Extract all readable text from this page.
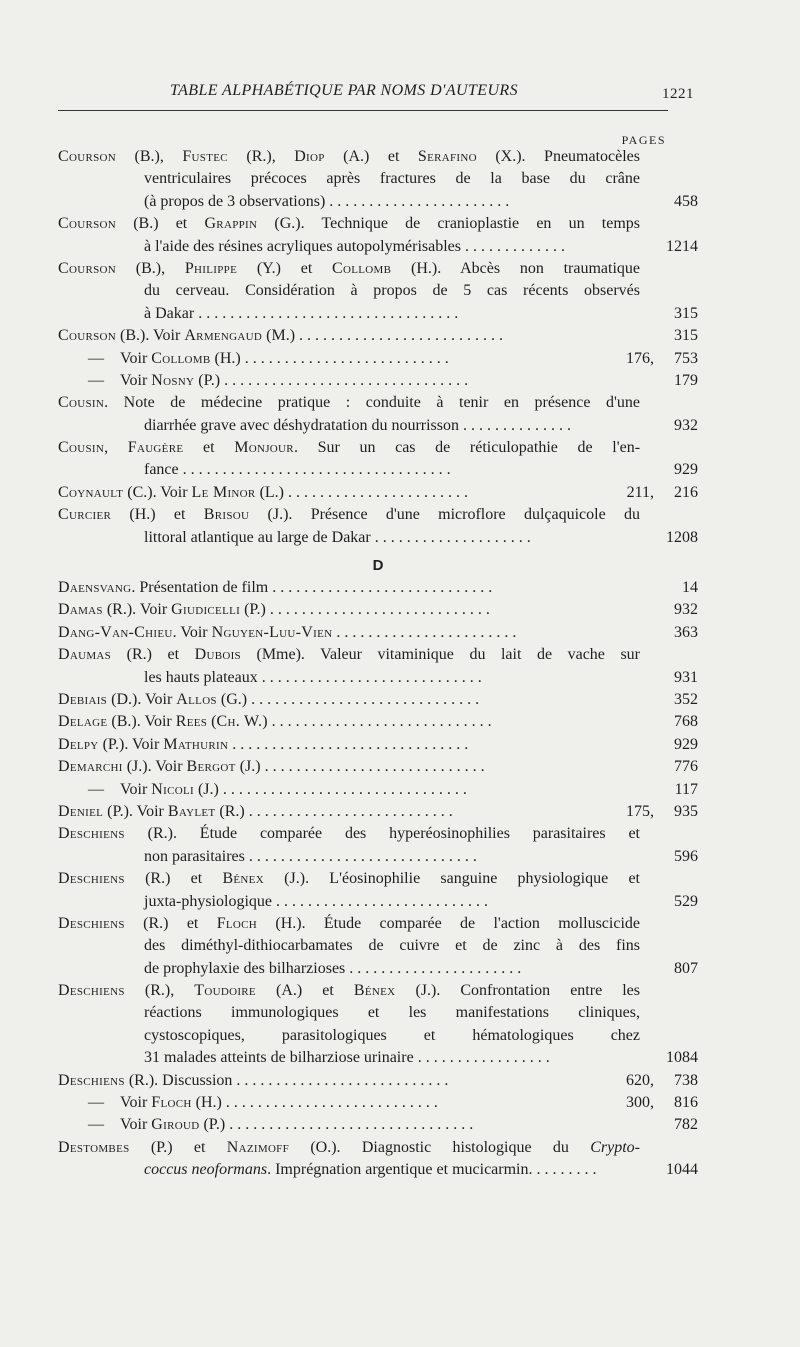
TABLE ALPHABÉTIQUE PAR NOMS D'AUTEURS	1221
PAGES
Courson (B.), Fustec (R.), Diop (A.) et Serafino (X.). Pneumatocèles
ventriculaires précoces après fractures de la base du crâne
(à propos de 3 observations) . . . . . . . . . . . . . . . . . . . . . . .	458
Courson (B.) et Grappin (G.). Technique de cranioplastie en un temps
à l'aide des résines acryliques autopolymérisables . . . . . . . . . . . . .	1214
Courson (B.), Philippe (Y.) et Collomb (H.). Abcès non traumatique
du cerveau. Considération à propos de 5 cas récents observés
à Dakar . . . . . . . . . . . . . . . . . . . . . . . . . . . . . . . . .	315
Courson (B.). Voir Armengaud (M.) . . . . . . . . . . . . . . . . . . . . . . . . . .	315
— Voir Collomb (H.) . . . . . . . . . . . . . . . . . . . . . . . . . .	176,     753
— Voir Nosny (P.) . . . . . . . . . . . . . . . . . . . . . . . . . . . . . . .	179
Cousin. Note de médecine pratique : conduite à tenir en présence d'une
diarrhée grave avec déshydratation du nourrisson . . . . . . . . . . . . . .	932
Cousin, Faugère et Monjour. Sur un cas de réticulopathie de l'en-
fance . . . . . . . . . . . . . . . . . . . . . . . . . . . . . . . . . .	929
Coynault (C.). Voir Le Minor (L.) . . . . . . . . . . . . . . . . . . . . . . .	211,     216
Curcier (H.) et Brisou (J.). Présence d'une microflore dulçaquicole du
littoral atlantique au large de Dakar . . . . . . . . . . . . . . . . . . . .	1208
D
Daensvang. Présentation de film . . . . . . . . . . . . . . . . . . . . . . . . . . . .	14
Damas (R.). Voir Giudicelli (P.) . . . . . . . . . . . . . . . . . . . . . . . . . . . .	932
Dang-Van-Chieu. Voir Nguyen-Luu-Vien . . . . . . . . . . . . . . . . . . . . . . .	363
Daumas (R.) et Dubois (Mme). Valeur vitaminique du lait de vache sur
les hauts plateaux . . . . . . . . . . . . . . . . . . . . . . . . . . . .	931
Debiais (D.). Voir Allos (G.) . . . . . . . . . . . . . . . . . . . . . . . . . . . . .	352
Delage (B.). Voir Rees (Ch. W.) . . . . . . . . . . . . . . . . . . . . . . . . . . . .	768
Delpy (P.). Voir Mathurin . . . . . . . . . . . . . . . . . . . . . . . . . . . . . .	929
Demarchi (J.). Voir Bergot (J.) . . . . . . . . . . . . . . . . . . . . . . . . . . . .	776
— Voir Nicoli (J.) . . . . . . . . . . . . . . . . . . . . . . . . . . . . . . .	117
Deniel (P.). Voir Baylet (R.) . . . . . . . . . . . . . . . . . . . . . . . . . .	175,     935
Deschiens (R.). Étude comparée des hyperéosinophilies parasitaires et
non parasitaires . . . . . . . . . . . . . . . . . . . . . . . . . . . . .	596
Deschiens (R.) et Bénex (J.). L'éosinophilie sanguine physiologique et
juxta-physiologique . . . . . . . . . . . . . . . . . . . . . . . . . . .	529
Deschiens (R.) et Floch (H.). Étude comparée de l'action molluscicide
des diméthyl-dithiocarbamates de cuivre et de zinc à des fins
de prophylaxie des bilharzioses . . . . . . . . . . . . . . . . . . . . . .	807
Deschiens (R.), Toudoire (A.) et Bénex (J.). Confrontation entre les
réactions immunologiques et les manifestations cliniques,
cystoscopiques, parasitologiques et hématologiques chez
31 malades atteints de bilharziose urinaire . . . . . . . . . . . . . . . . .	1084
Deschiens (R.). Discussion . . . . . . . . . . . . . . . . . . . . . . . . . . .	620,     738
— Voir Floch (H.) . . . . . . . . . . . . . . . . . . . . . . . . . . .	300,     816
— Voir Giroud (P.) . . . . . . . . . . . . . . . . . . . . . . . . . . . . . . .	782
Destombes (P.) et Nazimoff (O.). Diagnostic histologique du Crypto-
coccus neoformans. Imprégnation argentique et mucicarmin. . . . . . . . .	1044
